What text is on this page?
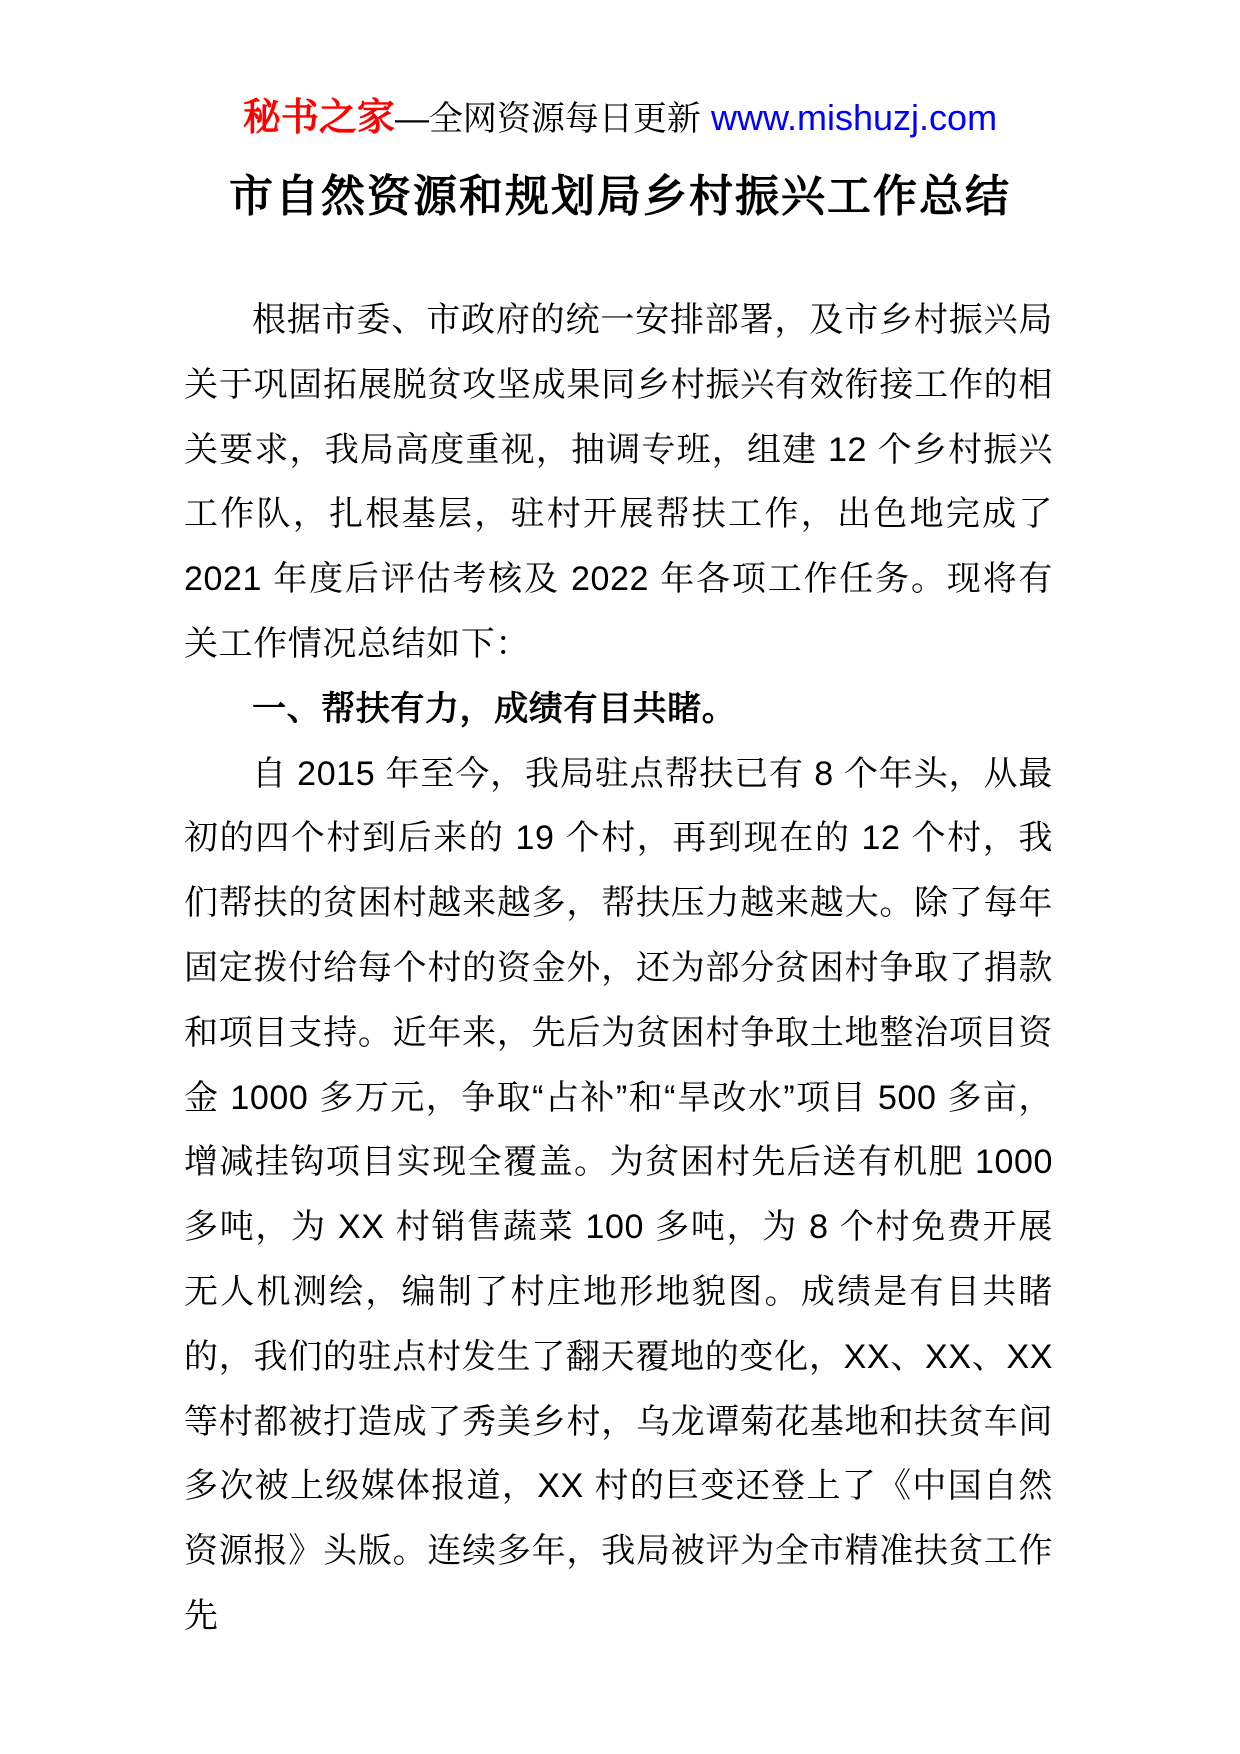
秘书之家—全网资源每日更新 www.mishuzj.com
市自然资源和规划局乡村振兴工作总结

根据市委、市政府的统一安排部署，及市乡村振兴局关于巩固拓展脱贫攻坚成果同乡村振兴有效衔接工作的相关要求，我局高度重视，抽调专班，组建 12 个乡村振兴工作队，扎根基层，驻村开展帮扶工作，出色地完成了 2021 年度后评估考核及 2022 年各项工作任务。现将有关工作情况总结如下：

一、帮扶有力，成绩有目共睹。

自 2015 年至今，我局驻点帮扶已有 8 个年头，从最初的四个村到后来的 19 个村，再到现在的 12 个村，我们帮扶的贫困村越来越多，帮扶压力越来越大。除了每年固定拨付给每个村的资金外，还为部分贫困村争取了捐款和项目支持。近年来，先后为贫困村争取土地整治项目资金 1000 多万元，争取“占补”和“旱改水”项目 500 多亩，增减挂钩项目实现全覆盖。为贫困村先后送有机肥 1000 多吨，为 XX 村销售蔬菜 100 多吨，为 8 个村免费开展无人机测绘，编制了村庄地形地貌图。成绩是有目共睹的，我们的驻点村发生了翻天覆地的变化，XX、XX、XX 等村都被打造成了秀美乡村，乌龙谭菊花基地和扶贫车间多次被上级媒体报道，XX 村的巨变还登上了《中国自然资源报》头版。连续多年，我局被评为全市精准扶贫工作先
